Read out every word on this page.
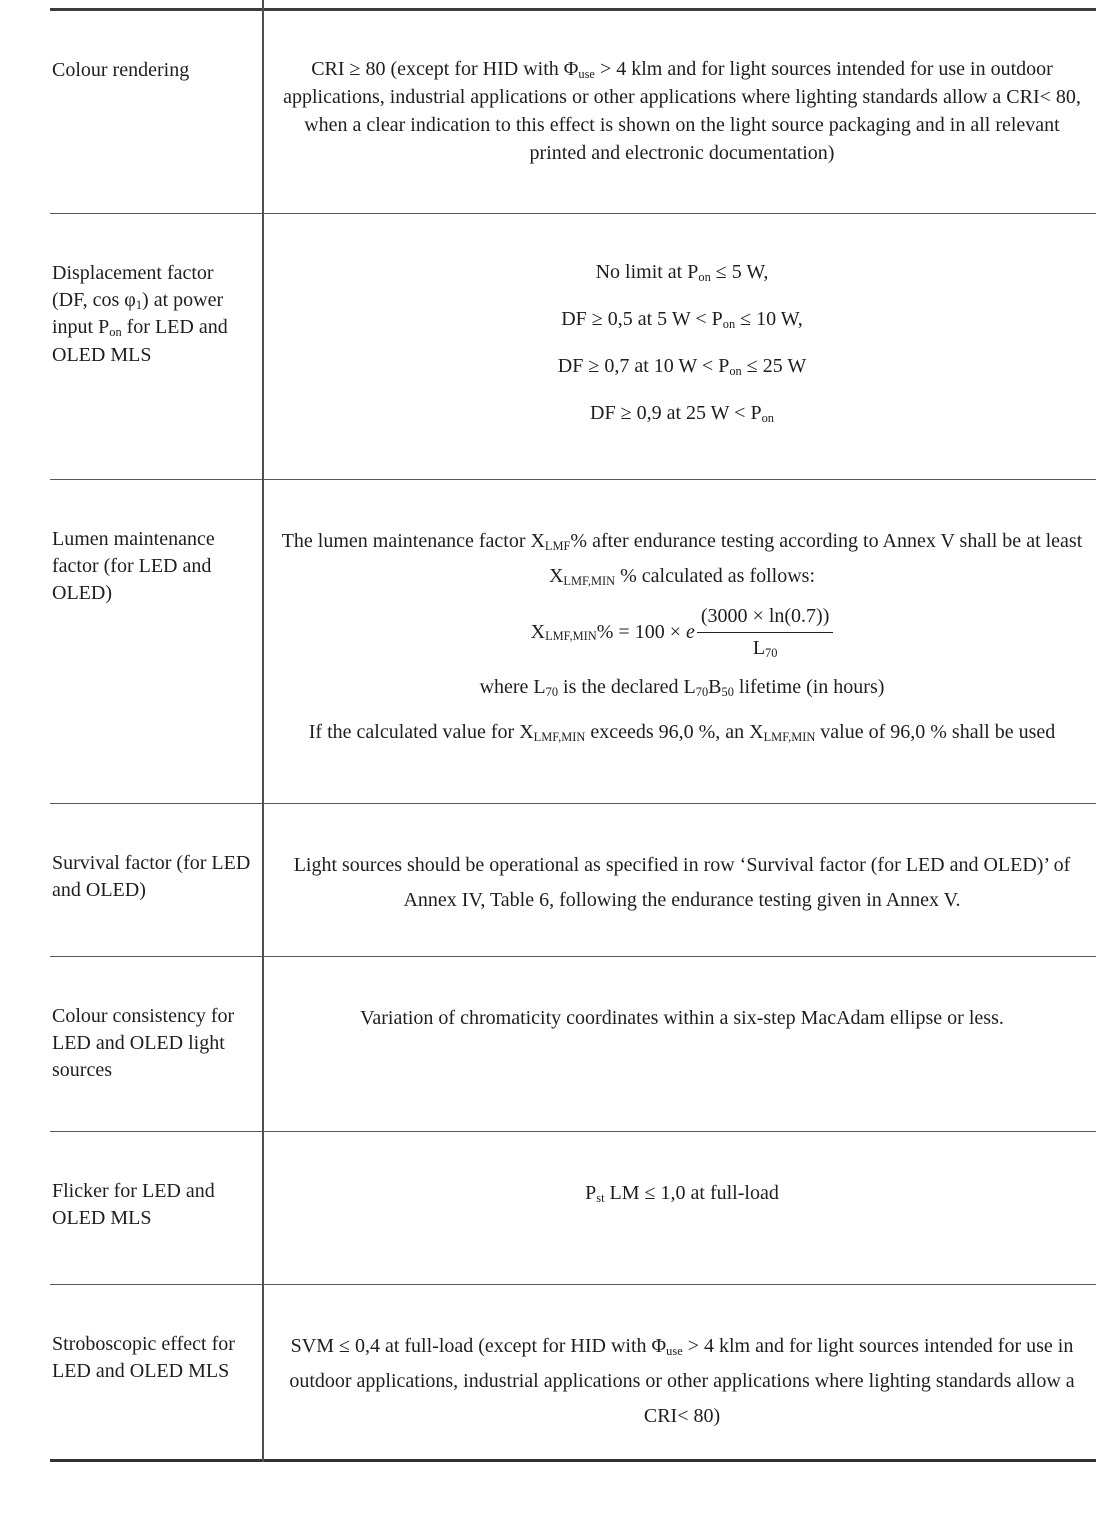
Colour rendering	CRI ≥ 80 (except for HID with $\Phi_{use} > 4$ klm and for light sources intended for use in outdoor applications, industrial applications or other applications where lighting standards allow a CRI< 80, when a clear indication to this effect is shown on the light source packaging and in all relevant printed and electronic documentation)

Displacement factor (DF, $\cos \varphi_1$) at power input $P_{on}$ for LED and OLED MLS

No limit at $P_{on} \le 5$ W,

DF ≥ 0,5 at 5 $W < P_{on} \le 10$ W,

DF ≥ 0,7 at 10 $W < P_{on} \le 25$ W

DF ≥ 0,9 at 25 $W < P_{on}$

Lumen maintenance factor (for LED and OLED)

The lumen maintenance factor $X_{LMF}\%$ after endurance testing according to Annex V shall be at least $X_{LMF,MIN}$ % calculated as follows:

$X_{LMF,MIN}\% = 100 \times e \frac{(3000 \times \ln(0.7))}{L_{70}}$

where $L_{70}$ is the declared $L_{70}B_{50}$ lifetime (in hours)

If the calculated value for $X_{LMF,MIN}$ exceeds 96,0 %, an $X_{LMF,MIN}$ value of 96,0 % shall be used

Survival factor (for LED and OLED)

Light sources should be operational as specified in row ‘Survival factor (for LED and OLED)’ of Annex IV, Table 6, following the endurance testing given in Annex V.

Colour consistency for LED and OLED light sources

Variation of chromaticity coordinates within a six-step MacAdam ellipse or less.

Flicker for LED and OLED MLS

$P_{st}$ LM ≤ 1,0 at full-load

Stroboscopic effect for LED and OLED MLS

SVM ≤ 0,4 at full-load (except for HID with $\Phi_{use} > 4$ klm and for light sources intended for use in outdoor applications, industrial applications or other applications where lighting standards allow a CRI< 80)
